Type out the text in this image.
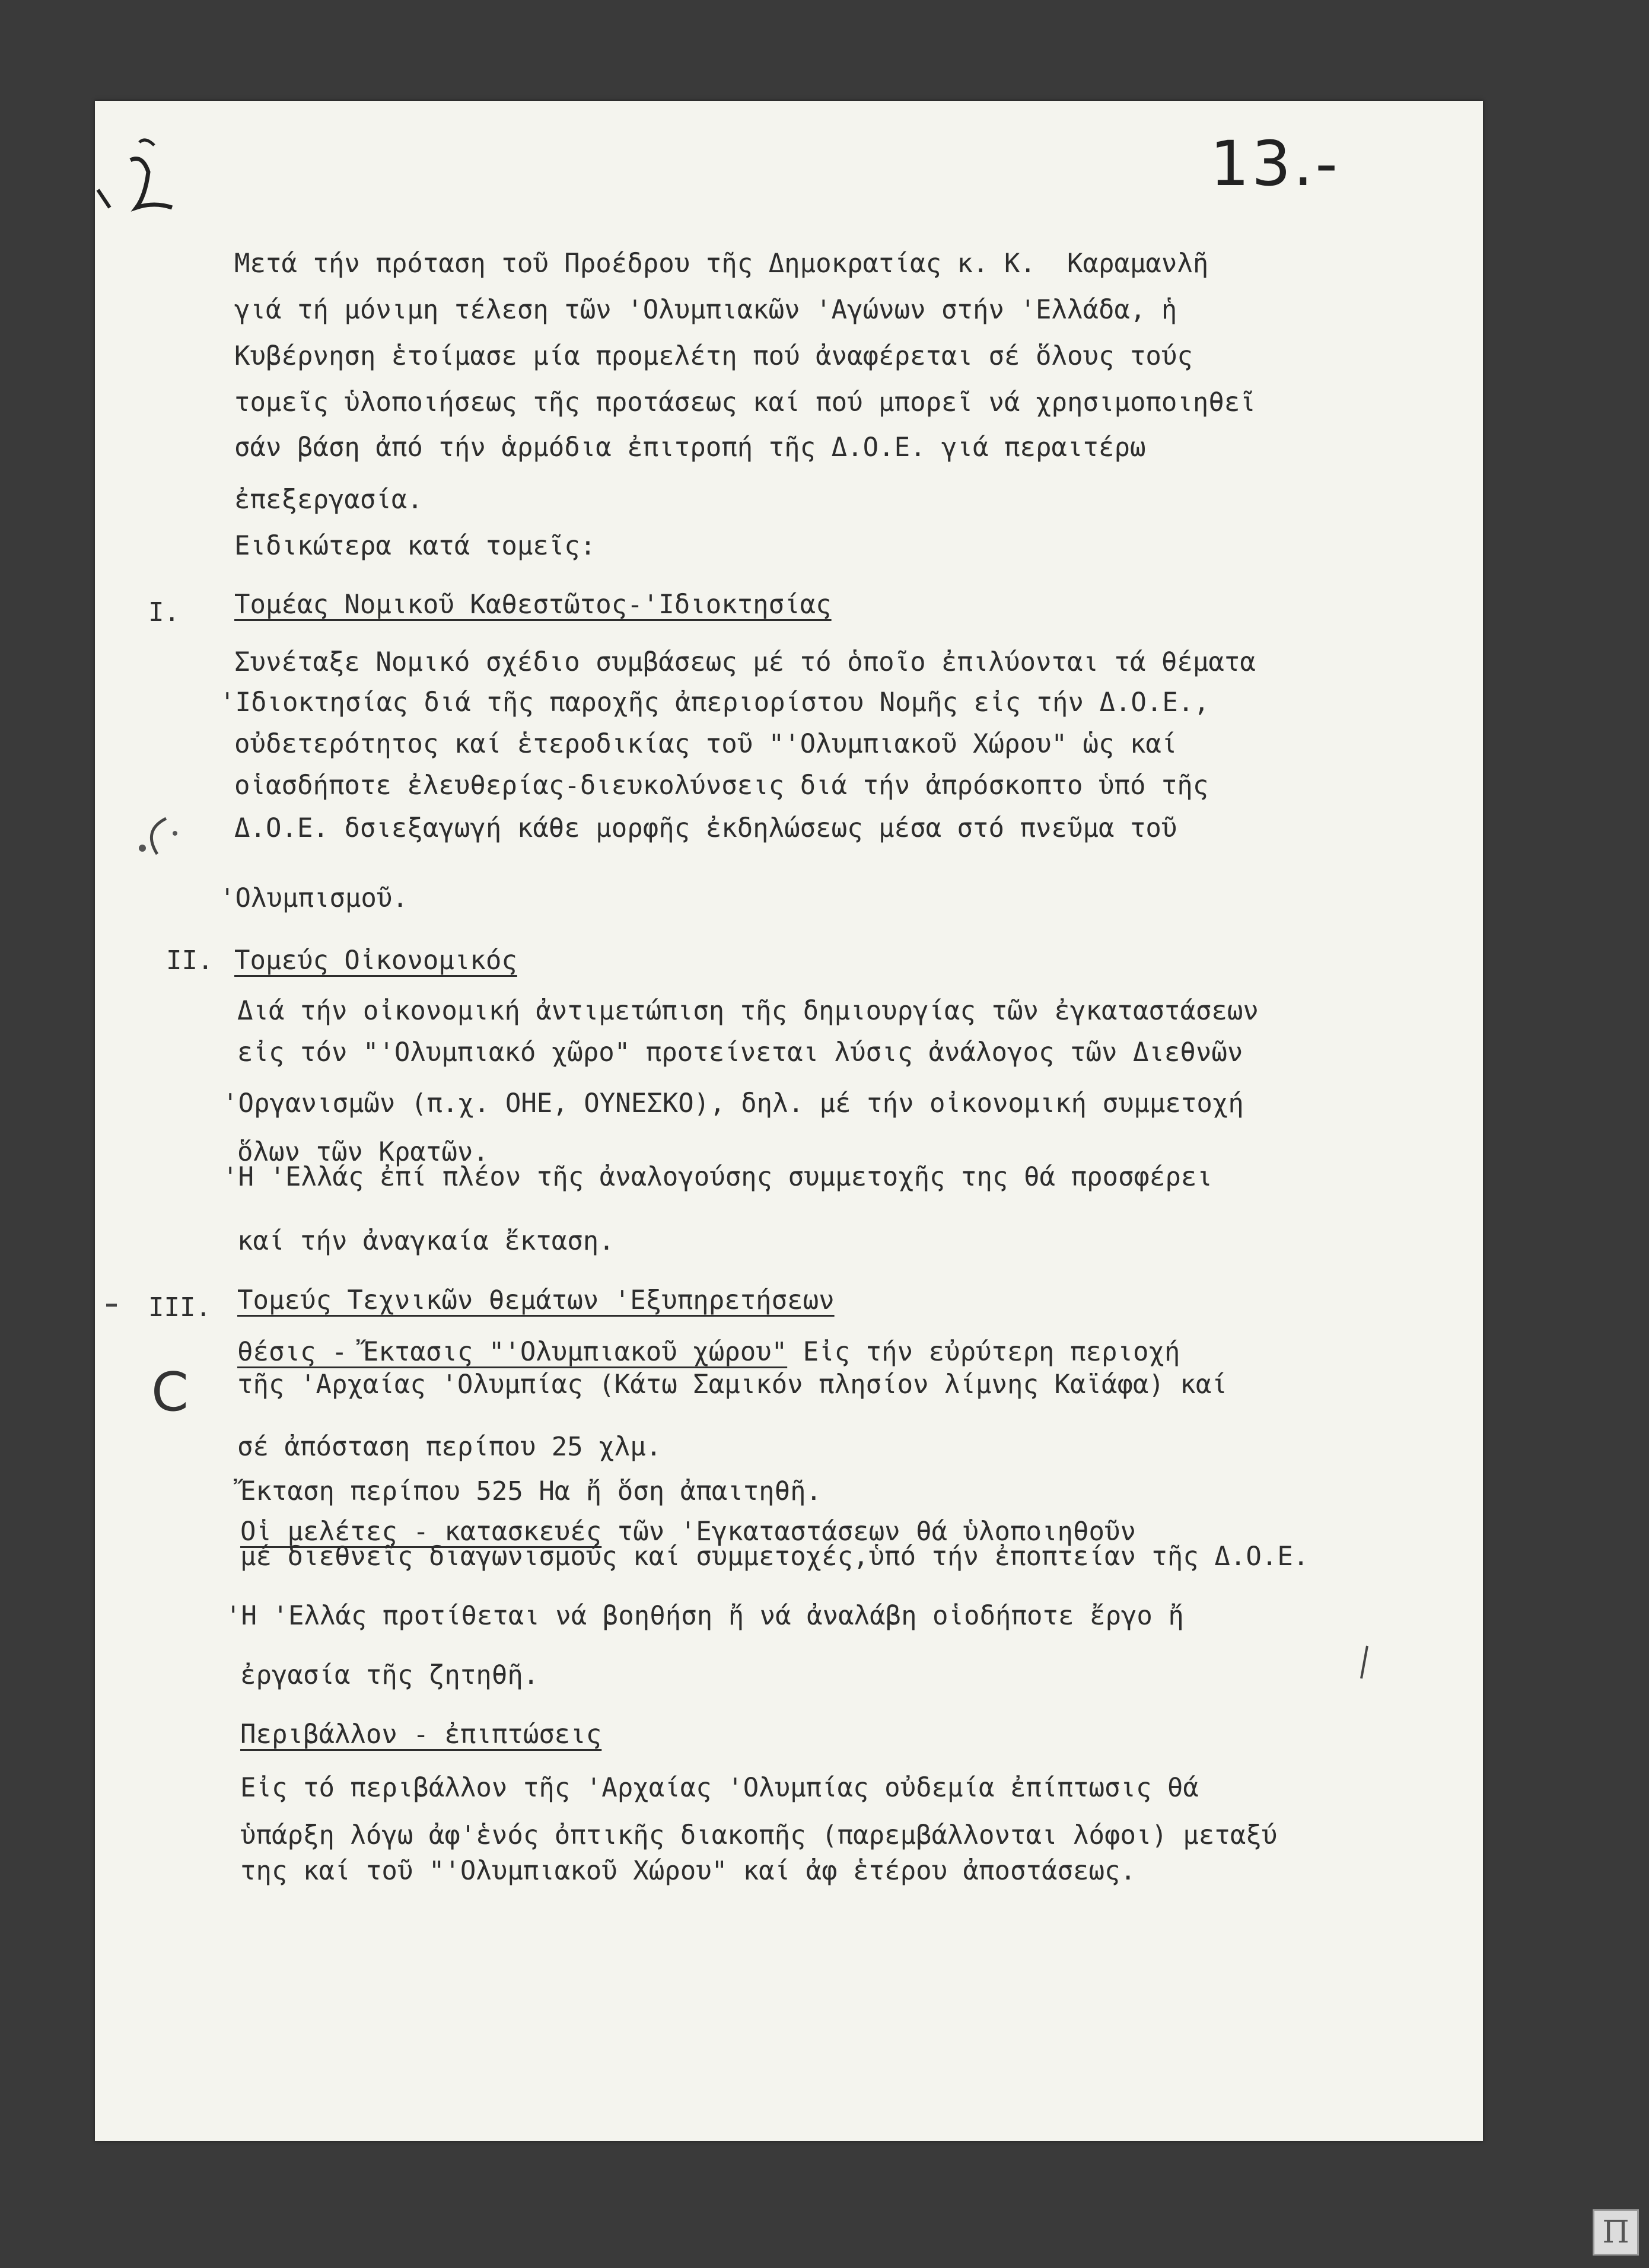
13.-
Μετά τήν πρόταση τοῦ Προέδρου τῆς Δημοκρατίας κ. Κ.  Καραμανλῆ
γιά τή μόνιμη τέλεση τῶν 'Ολυμπιακῶν 'Αγώνων στήν 'Ελλάδα, ἡ
Κυβέρνηση ἑτοίμασε μία προμελέτη πού ἀναφέρεται σέ ὅλους τούς
τομεῖς ὑλοποιήσεως τῆς προτάσεως καί πού μπορεῖ νά χρησιμοποιηθεῖ
σάν βάση ἀπό τήν ἁρμόδια ἐπιτροπή τῆς Δ.Ο.Ε. γιά περαιτέρω
ἐπεξεργασία.
Ειδικώτερα κατά τομεῖς:
I. Τομέας Νομικοῦ Καθεστῶτος-'Ιδιοκτησίας
Συνέταξε Νομικό σχέδιο συμβάσεως μέ τό ὁποῖο ἐπιλύονται τά θέματα
'Ιδιοκτησίας διά τῆς παροχῆς ἀπεριορίστου Νομῆς εἰς τήν Δ.Ο.Ε.,
οὐδετερότητος καί ἑτεροδικίας τοῦ "'Ολυμπιακοῦ Χώρου" ὡς καί
οἱασδήποτε ἐλευθερίας-διευκολύνσεις διά τήν ἀπρόσκοπτο ὑπό τῆς
Δ.Ο.Ε. δσιεξαγωγή κάθε μορφῆς ἐκδηλώσεως μέσα στό πνεῦμα τοῦ
'Ολυμπισμοῦ.
II. Τομεύς Οἰκονομικός
Διά τήν οἰκονομική ἀντιμετώπιση τῆς δημιουργίας τῶν ἐγκαταστάσεων
εἰς τόν "'Ολυμπιακό χῶρο" προτείνεται λύσις ἀνάλογος τῶν Διεθνῶν
'Οργανισμῶν (π.χ. ΟΗΕ, ΟΥΝΕΣΚΟ), δηλ. μέ τήν οἰκονομική συμμετοχή
ὅλων τῶν Κρατῶν.
'Η 'Ελλάς ἐπί πλέον τῆς ἀναλογούσης συμμετοχῆς της θά προσφέρει
καί τήν ἀναγκαία ἔκταση.
III. Τομεύς Τεχνικῶν θεμάτων 'Εξυπηρετήσεων
θέσις - Ἔκτασις "'Ολυμπιακοῦ χώρου" Εἰς τήν εὐρύτερη περιοχή
τῆς 'Αρχαίας 'Ολυμπίας (Κάτω Σαμικόν πλησίον λίμνης Καϊάφα) καί
σέ ἀπόσταση περίπου 25 χλμ.
Ἔκταση περίπου 525 Ηα ἤ ὅση ἀπαιτηθῆ.
Οἱ μελέτες - κατασκευές τῶν 'Εγκαταστάσεων θά ὑλοποιηθοῦν
μέ διεθνεῖς διαγωνισμούς καί συμμετοχές,ὑπό τήν ἐποπτείαν τῆς Δ.Ο.Ε.
'Η 'Ελλάς προτίθεται νά βοηθήση ἤ νά ἀναλάβη οἱοδήποτε ἔργο ἤ
ἐργασία τῆς ζητηθῆ.
Περιβάλλον - ἐπιπτώσεις
Εἰς τό περιβάλλον τῆς 'Αρχαίας 'Ολυμπίας οὐδεμία ἐπίπτωσις θά
ὑπάρξη λόγω ἀφ'ἑνός ὀπτικῆς διακοπῆς (παρεμβάλλονται λόφοι) μεταξύ
της καί τοῦ "'Ολυμπιακοῦ Χώρου" καί ἀφ ἑτέρου ἀποστάσεως.
C
Π
